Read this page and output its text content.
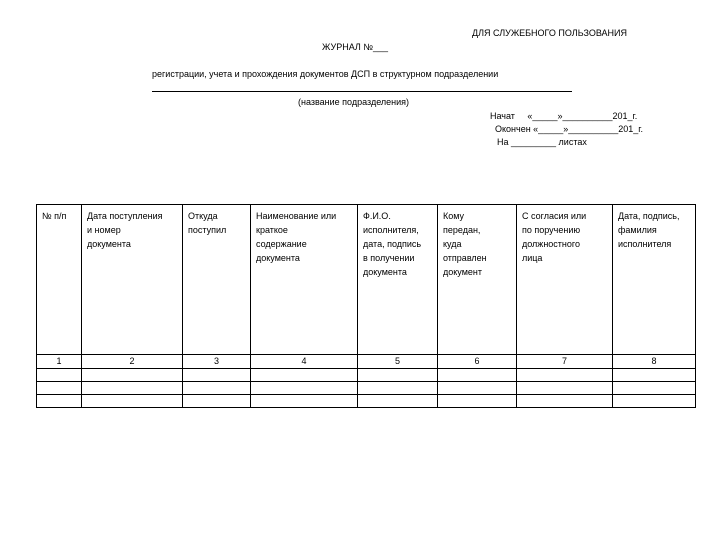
ДЛЯ СЛУЖЕБНОГО ПОЛЬЗОВАНИЯ
ЖУРНАЛ №___
регистрации, учета и прохождения документов ДСП в структурном подразделении
(название подразделения)
Начат     «_____»__________201_г.
Окончен «_____»__________201_г.
На _________ листах
№ п/п	Дата поступления
и номер
документа	Откуда
поступил	Наименование или
краткое
содержание
документа	Ф.И.О.
исполнителя,
дата, подпись
в получении
документа	Кому
передан,
куда
отправлен
документ	С согласия или
по поручению
должностного
лица	Дата, подпись,
фамилия
исполнителя

1	2	3	4	5	6	7	8
